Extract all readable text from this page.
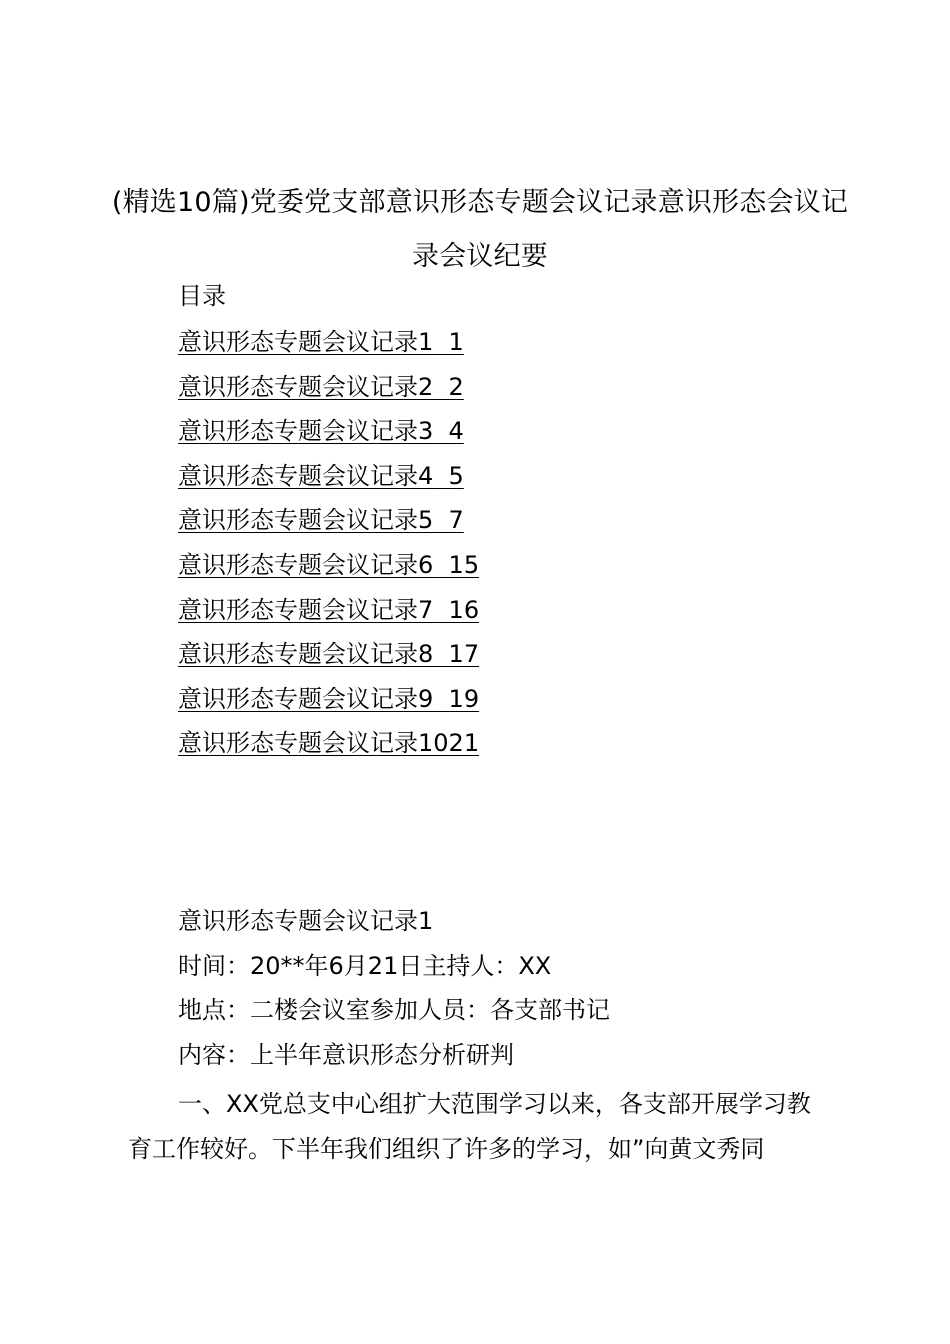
(精选10篇)党委党支部意识形态专题会议记录意识形态会议记录会议纪要
目录
意识形态专题会议记录1 1
意识形态专题会议记录2 2
意识形态专题会议记录3 4
意识形态专题会议记录4 5
意识形态专题会议记录5 7
意识形态专题会议记录6 15
意识形态专题会议记录7 16
意识形态专题会议记录8 17
意识形态专题会议记录9 19
意识形态专题会议记录1021
意识形态专题会议记录1
时间：20**年6月21日主持人：XX
地点：二楼会议室参加人员：各支部书记
内容：上半年意识形态分析研判

一、XX党总支中心组扩大范围学习以来，各支部开展学习教育工作较好。下半年我们组织了许多的学习，如”向黄文秀同
